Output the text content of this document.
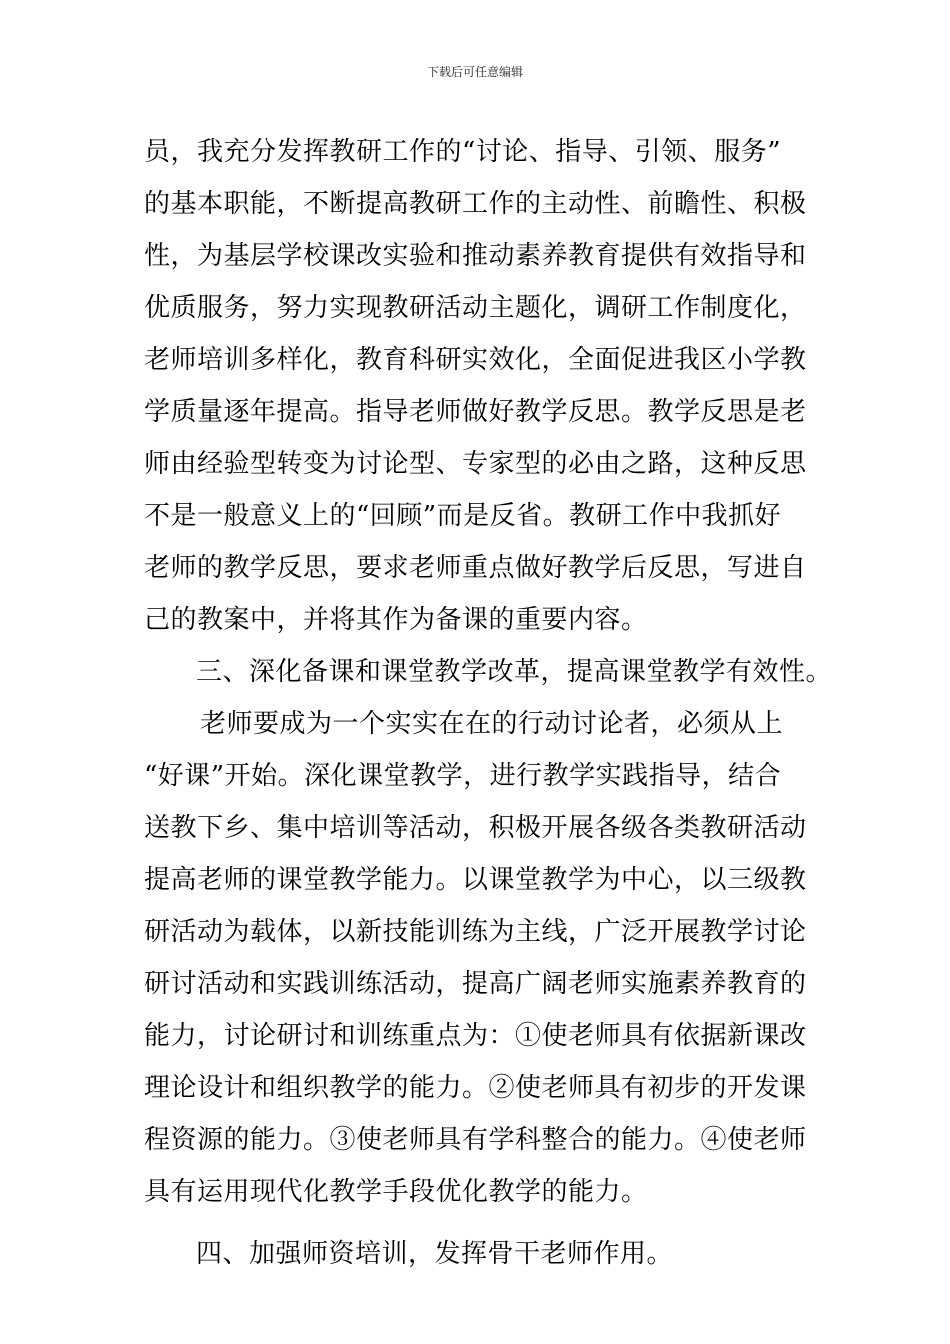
下载后可任意编辑
员，我充分发挥教研工作的“讨论、指导、引领、服务”
的基本职能，不断提高教研工作的主动性、前瞻性、积极
性，为基层学校课改实验和推动素养教育提供有效指导和
优质服务，努力实现教研活动主题化，调研工作制度化，
老师培训多样化，教育科研实效化，全面促进我区小学教
学质量逐年提高。指导老师做好教学反思。教学反思是老
师由经验型转变为讨论型、专家型的必由之路，这种反思
不是一般意义上的“回顾”而是反省。教研工作中我抓好
老师的教学反思，要求老师重点做好教学后反思，写进自
己的教案中，并将其作为备课的重要内容。
三、深化备课和课堂教学改革，提高课堂教学有效性。
老师要成为一个实实在在的行动讨论者，必须从上
“好课”开始。深化课堂教学，进行教学实践指导，结合
送教下乡、集中培训等活动，积极开展各级各类教研活动
提高老师的课堂教学能力。以课堂教学为中心，以三级教
研活动为载体，以新技能训练为主线，广泛开展教学讨论
研讨活动和实践训练活动，提高广阔老师实施素养教育的
能力，讨论研讨和训练重点为：①使老师具有依据新课改
理论设计和组织教学的能力。②使老师具有初步的开发课
程资源的能力。③使老师具有学科整合的能力。④使老师
具有运用现代化教学手段优化教学的能力。
四、加强师资培训，发挥骨干老师作用。
